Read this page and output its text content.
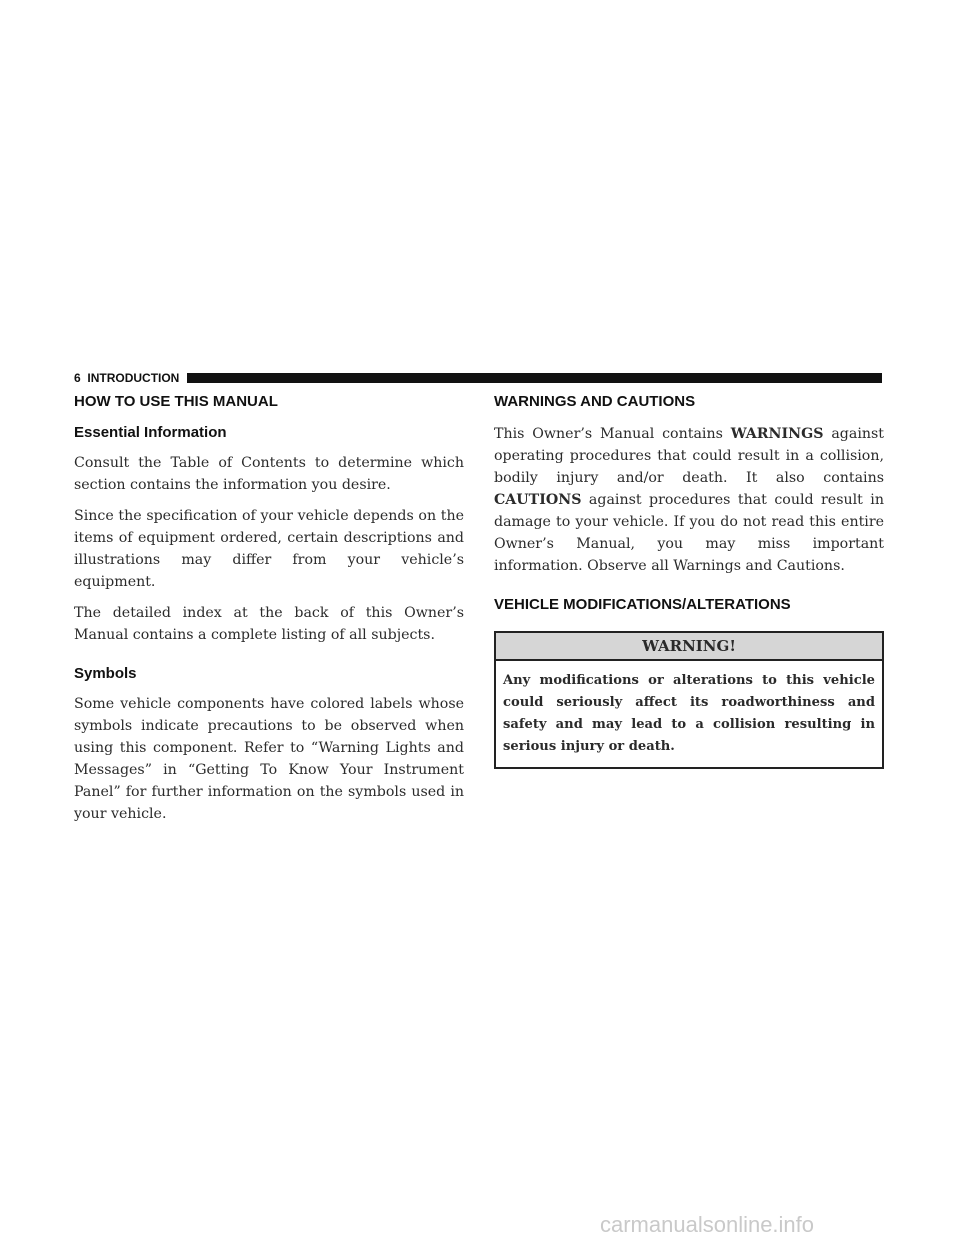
6 INTRODUCTION
HOW TO USE THIS MANUAL
Essential Information

Consult the Table of Contents to determine which section contains the information you desire.

Since the specification of your vehicle depends on the items of equipment ordered, certain descriptions and illustrations may differ from your vehicle’s equipment.

The detailed index at the back of this Owner’s Manual contains a complete listing of all subjects.

Symbols

Some vehicle components have colored labels whose symbols indicate precautions to be observed when using this component. Refer to “Warning Lights and Messages” in “Getting To Know Your Instrument Panel” for further information on the symbols used in your vehicle.

WARNINGS AND CAUTIONS

This Owner’s Manual contains WARNINGS against operating procedures that could result in a collision, bodily injury and/or death. It also contains CAUTIONS against procedures that could result in damage to your vehicle. If you do not read this entire Owner’s Manual, you may miss important information. Observe all Warnings and Cautions.

VEHICLE MODIFICATIONS/ALTERATIONS
WARNING!
Any modifications or alterations to this vehicle could seriously affect its roadworthiness and safety and may lead to a collision resulting in serious injury or death.
carmanualsonline.info
